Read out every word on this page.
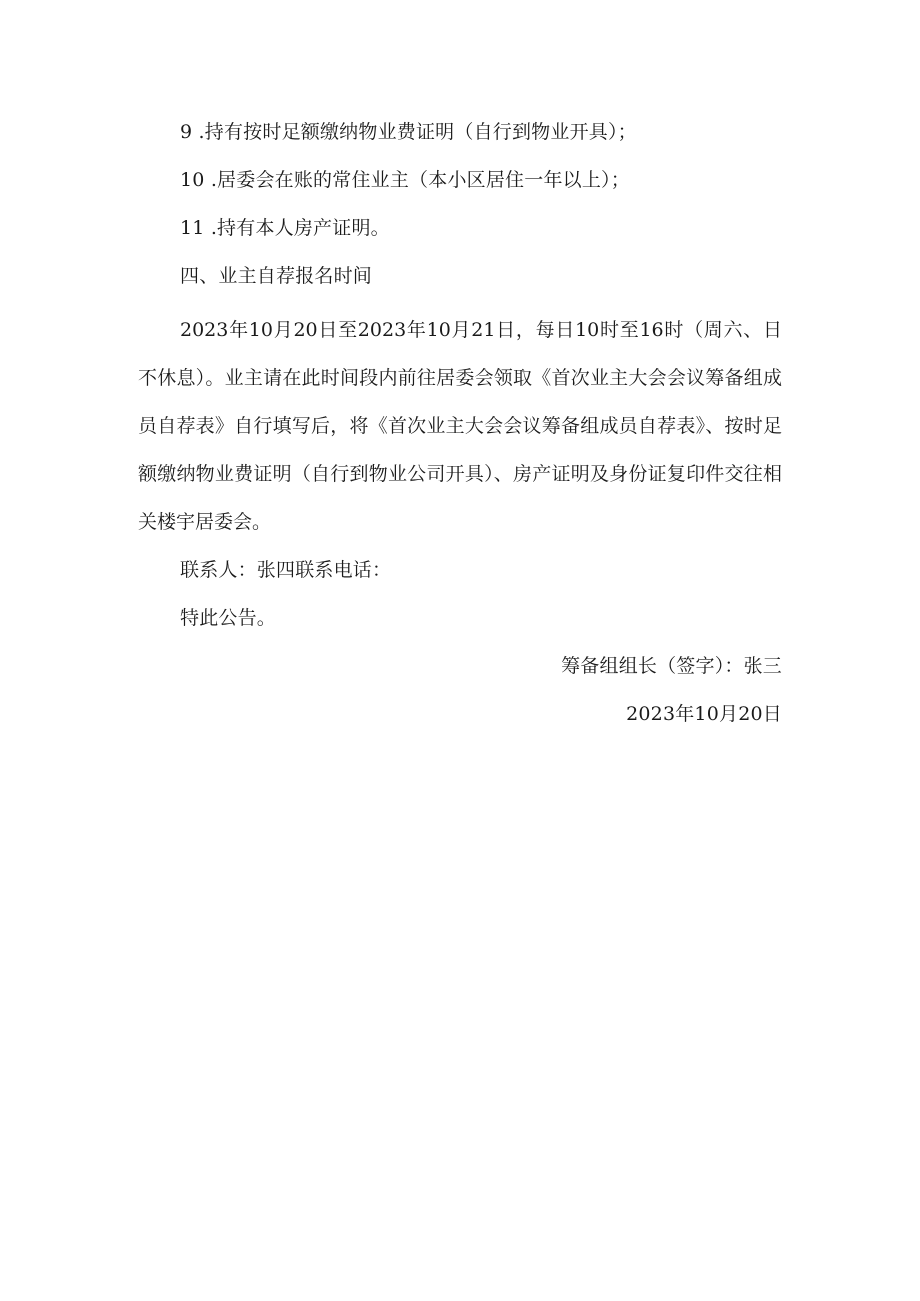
9 .持有按时足额缴纳物业费证明（自行到物业开具）；
10 .居委会在账的常住业主（本小区居住一年以上）；
11 .持有本人房产证明。
四、业主自荐报名时间

2023年10月20日至2023年10月21日，每日10时至16时（周六、日不休息）。业主请在此时间段内前往居委会领取《首次业主大会会议筹备组成员自荐表》自行填写后，将《首次业主大会会议筹备组成员自荐表》、按时足额缴纳物业费证明（自行到物业公司开具）、房产证明及身份证复印件交往相关楼宇居委会。

联系人：张四联系电话：
特此公告。
筹备组组长（签字）：张三
2023年10月20日
